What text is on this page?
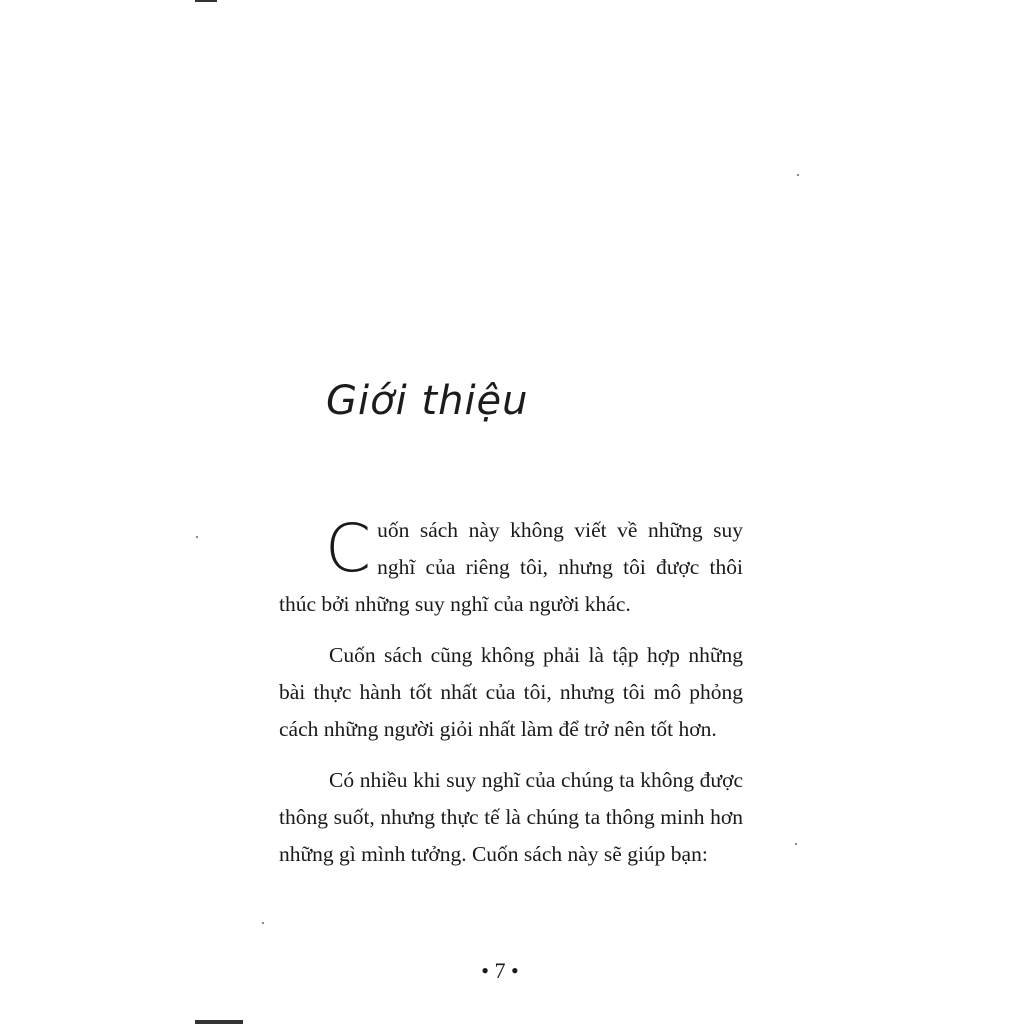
Giới thiệu

Cuốn sách này không viết về những suy nghĩ của riêng tôi, nhưng tôi được thôi thúc bởi những suy nghĩ của người khác.

Cuốn sách cũng không phải là tập hợp những bài thực hành tốt nhất của tôi, nhưng tôi mô phỏng cách những người giỏi nhất làm để trở nên tốt hơn.

Có nhiều khi suy nghĩ của chúng ta không được thông suốt, nhưng thực tế là chúng ta thông minh hơn những gì mình tưởng. Cuốn sách này sẽ giúp bạn:

• 7 •
